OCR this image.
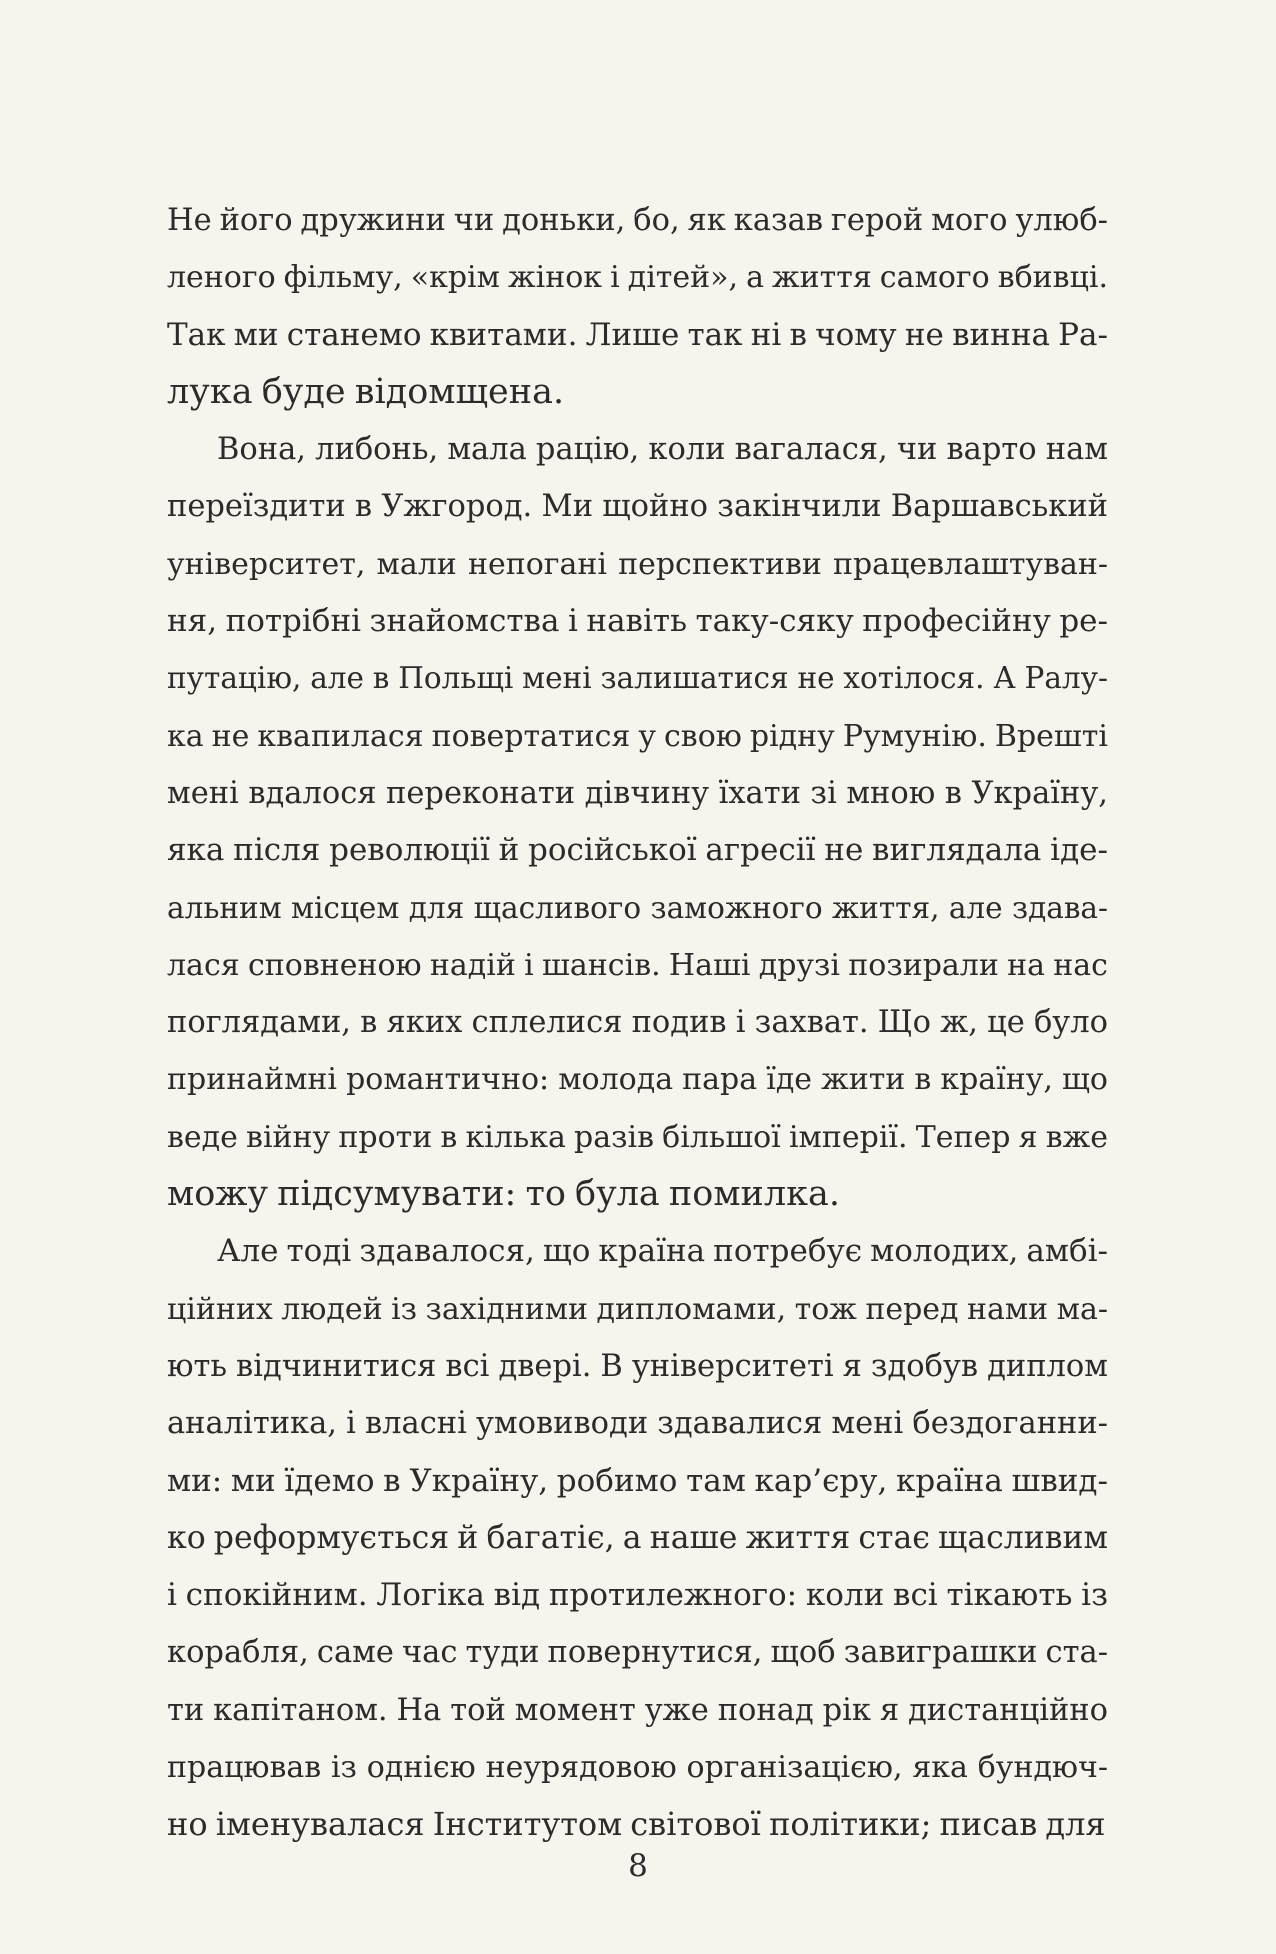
Не його дружини чи доньки, бо, як казав герой мого улюб-
леного фільму, «крім жінок і дітей», а життя самого вбивці.
Так ми станемо квитами. Лише так ні в чому не винна Ра-
лука буде відомщена.
Вона, либонь, мала рацію, коли вагалася, чи варто нам
переїздити в Ужгород. Ми щойно закінчили Варшавський
університет, мали непогані перспективи працевлаштуван-
ня, потрібні знайомства і навіть таку-сяку професійну ре-
путацію, але в Польщі мені залишатися не хотілося. А Ралу-
ка не квапилася повертатися у свою рідну Румунію. Врешті
мені вдалося переконати дівчину їхати зі мною в Україну,
яка після революції й російської агресії не виглядала іде-
альним місцем для щасливого заможного життя, але здава-
лася сповненою надій і шансів. Наші друзі позирали на нас
поглядами, в яких сплелися подив і захват. Що ж, це було
принаймні романтично: молода пара їде жити в країну, що
веде війну проти в кілька разів більшої імперії. Тепер я вже
можу підсумувати: то була помилка.
Але тоді здавалося, що країна потребує молодих, амбі-
ційних людей із західними дипломами, тож перед нами ма-
ють відчинитися всі двері. В університеті я здобув диплом
аналітика, і власні умовиводи здавалися мені бездоганни-
ми: ми їдемо в Україну, робимо там кар’єру, країна швид-
ко реформується й багатіє, а наше життя стає щасливим
і спокійним. Логіка від протилежного: коли всі тікають із
корабля, саме час туди повернутися, щоб завиграшки ста-
ти капітаном. На той момент уже понад рік я дистанційно
працював із однією неурядовою організацією, яка бундюч-
но іменувалася Інститутом світової політики; писав для
8
